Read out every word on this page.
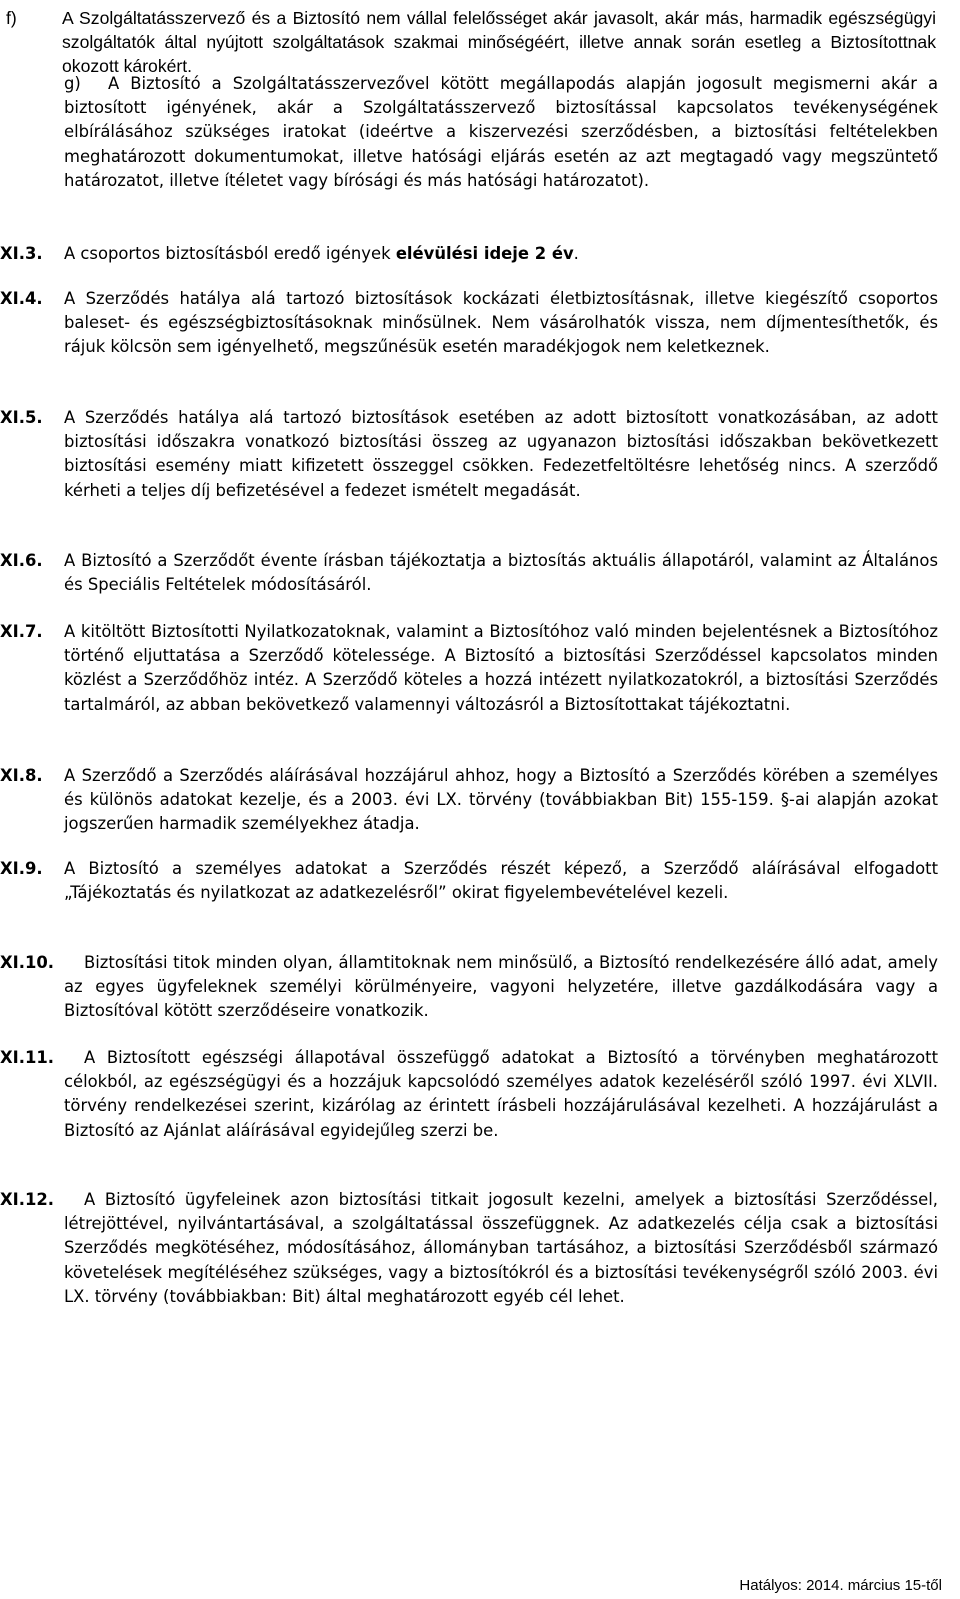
f)	A Szolgáltatásszervező és a Biztosító nem vállal felelősséget akár javasolt, akár más, harmadik egészségügyi szolgáltatók által nyújtott szolgáltatások szakmai minőségéért, illetve annak során esetleg a Biztosítottnak okozott károkért.
g)	A Biztosító a Szolgáltatásszervezővel kötött megállapodás alapján jogosult megismerni akár a biztosított igényének, akár a Szolgáltatásszervező biztosítással kapcsolatos tevékenységének elbírálásához szükséges iratokat (ideértve a kiszervezési szerződésben, a biztosítási feltételekben meghatározott dokumentumokat, illetve hatósági eljárás esetén az azt megtagadó vagy megszüntető határozatot, illetve ítéletet vagy bírósági és más hatósági határozatot).
XI.3. A csoportos biztosításból eredő igények elévülési ideje 2 év.
XI.4. A Szerződés hatálya alá tartozó biztosítások kockázati életbiztosításnak, illetve kiegészítő csoportos baleset- és egészségbiztosításoknak minősülnek. Nem vásárolhatók vissza, nem díjmentesíthetők, és rájuk kölcsön sem igényelhető, megszűnésük esetén maradékjogok nem keletkeznek.
XI.5. A Szerződés hatálya alá tartozó biztosítások esetében az adott biztosított vonatkozásában, az adott biztosítási időszakra vonatkozó biztosítási összeg az ugyanazon biztosítási időszakban bekövetkezett biztosítási esemény miatt kifizetett összeggel csökken. Fedezetfeltöltésre lehetőség nincs. A szerződő kérheti a teljes díj befizetésével a fedezet ismételt megadását.
XI.6. A Biztosító a Szerződőt évente írásban tájékoztatja a biztosítás aktuális állapotáról, valamint az Általános és Speciális Feltételek módosításáról.
XI.7. A kitöltött Biztosítotti Nyilatkozatoknak, valamint a Biztosítóhoz való minden bejelentésnek a Biztosítóhoz történő eljuttatása a Szerződő kötelessége. A Biztosító a biztosítási Szerződéssel kapcsolatos minden közlést a Szerződőhöz intéz. A Szerződő köteles a hozzá intézett nyilatkozatokról, a biztosítási Szerződés tartalmáról, az abban bekövetkező valamennyi változásról a Biztosítottakat tájékoztatni.
XI.8. A Szerződő a Szerződés aláírásával hozzájárul ahhoz, hogy a Biztosító a Szerződés körében a személyes és különös adatokat kezelje, és a 2003. évi LX. törvény (továbbiakban Bit) 155-159. §-ai alapján azokat jogszerűen harmadik személyekhez átadja.
XI.9. A Biztosító a személyes adatokat a Szerződés részét képező, a Szerződő aláírásával elfogadott „Tájékoztatás és nyilatkozat az adatkezelésről” okirat figyelembevételével kezeli.
XI.10.	Biztosítási titok minden olyan, államtitoknak nem minősülő, a Biztosító rendelkezésére álló adat, amely az egyes ügyfeleknek személyi körülményeire, vagyoni helyzetére, illetve gazdálkodására vagy a Biztosítóval kötött szerződéseire vonatkozik.
XI.11.	A Biztosított egészségi állapotával összefüggő adatokat a Biztosító a törvényben meghatározott célokból, az egészségügyi és a hozzájuk kapcsolódó személyes adatok kezeléséről szóló 1997. évi XLVII. törvény rendelkezései szerint, kizárólag az érintett írásbeli hozzájárulásával kezelheti. A hozzájárulást a Biztosító az Ajánlat aláírásával egyidejűleg szerzi be.
XI.12.	A Biztosító ügyfeleinek azon biztosítási titkait jogosult kezelni, amelyek a biztosítási Szerződéssel, létrejöttével, nyilvántartásával, a szolgáltatással összefüggnek. Az adatkezelés célja csak a biztosítási Szerződés megkötéséhez, módosításához, állományban tartásához, a biztosítási Szerződésből származó követelések megítéléséhez szükséges, vagy a biztosítókról és a biztosítási tevékenységről szóló 2003. évi LX. törvény (továbbiakban: Bit) által meghatározott egyéb cél lehet.
Hatályos: 2014. március 15-től
